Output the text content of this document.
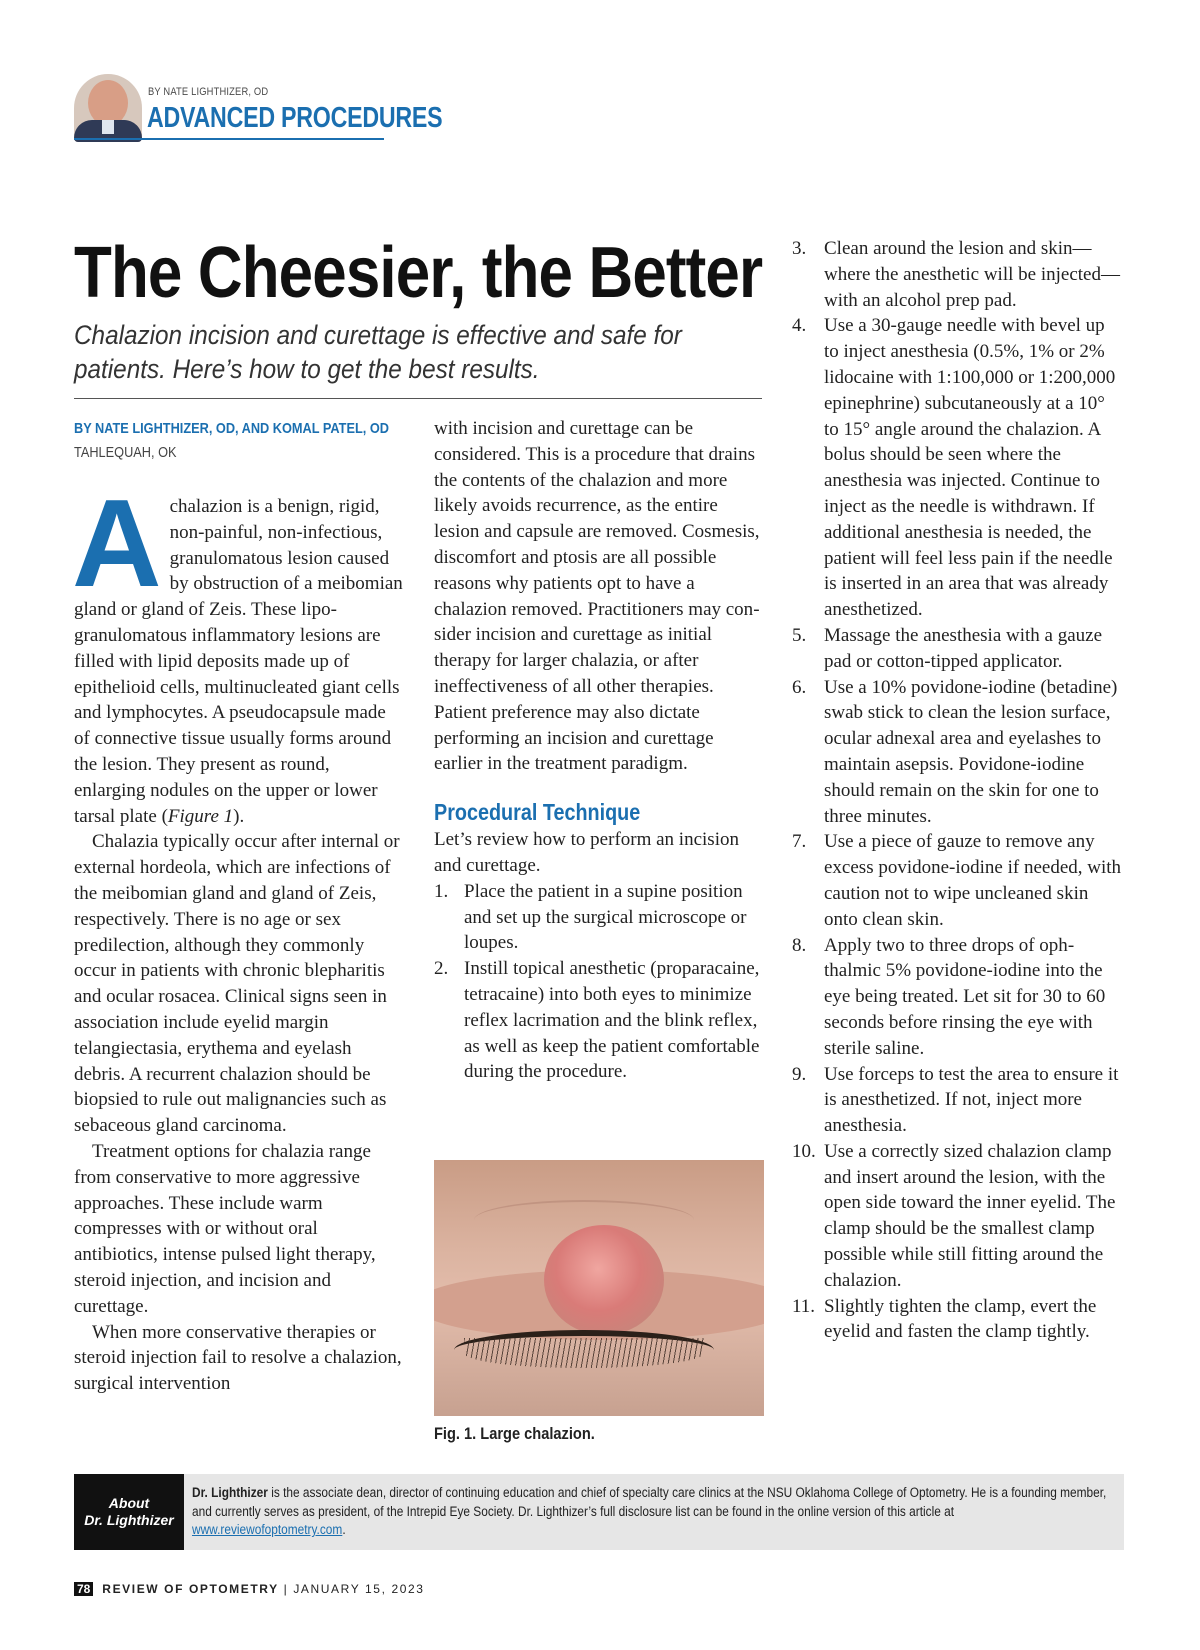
BY NATE LIGHTHIZER, OD
ADVANCED PROCEDURES
The Cheesier, the Better
Chalazion incision and curettage is effective and safe for patients. Here’s how to get the best results.
BY NATE LIGHTHIZER, OD, AND KOMAL PATEL, OD
TAHLEQUAH, OK

Achalazion is a benign, rigid, non-painful, non-infectious, granulomatous lesion caused by obstruction of a meibomian gland or gland of Zeis. These lipogranulomatous inflammatory lesions are filled with lipid deposits made up of epithelioid cells, multinucleated giant cells and lymphocytes. A pseudocapsule made of connective tissue usually forms around the lesion. They present as round, enlarging nodules on the upper or lower tarsal plate (Figure 1).

Chalazia typically occur after internal or external hordeola, which are infections of the meibomian gland and gland of Zeis, respectively. There is no age or sex predilection, although they commonly occur in patients with chronic blepharitis and ocular rosacea. Clinical signs seen in association include eyelid margin telangiectasia, erythema and eyelash debris. A recurrent chalazion should be biopsied to rule out malignancies such as sebaceous gland carcinoma.

Treatment options for chalazia range from conservative to more aggressive approaches. These include warm compresses with or without oral antibiotics, intense pulsed light therapy, steroid injection, and incision and curettage.

When more conservative therapies or steroid injection fail to resolve a chalazion, surgical intervention

with incision and curettage can be considered. This is a procedure that drains the contents of the chalazion and more likely avoids recurrence, as the entire lesion and capsule are removed. Cosmesis, discomfort and ptosis are all possible reasons why patients opt to have a chalazion removed. Practitioners may consider incision and curettage as initial therapy for larger chalazia, or after ineffectiveness of all other therapies. Patient preference may also dictate performing an incision and curettage earlier in the treatment paradigm.

Procedural Technique

Let’s review how to perform an incision and curettage.

1. Place the patient in a supine position and set up the surgical microscope or loupes.
2. Instill topical anesthetic (proparacaine, tetracaine) into both eyes to minimize reflex lacrimation and the blink reflex, as well as keep the patient comfortable during the procedure.
Fig. 1. Large chalazion.
3. Clean around the lesion and skin—where the anesthetic will be injected—with an alcohol prep pad.
4. Use a 30-gauge needle with bevel up to inject anesthesia (0.5%, 1% or 2% lidocaine with 1:100,000 or 1:200,000 epinephrine) subcutaneously at a 10° to 15° angle around the chalazion. A bolus should be seen where the anesthesia was injected. Continue to inject as the needle is withdrawn. If additional anesthesia is needed, the patient will feel less pain if the needle is inserted in an area that was already anesthetized.
5. Massage the anesthesia with a gauze pad or cotton-tipped applicator.
6. Use a 10% povidone-iodine (betadine) swab stick to clean the lesion surface, ocular adnexal area and eyelashes to maintain asepsis. Povidone-iodine should remain on the skin for one to three minutes.
7. Use a piece of gauze to remove any excess povidone-iodine if needed, with caution not to wipe uncleaned skin onto clean skin.
8. Apply two to three drops of ophthalmic 5% povidone-iodine into the eye being treated. Let sit for 30 to 60 seconds before rinsing the eye with sterile saline.
9. Use forceps to test the area to ensure it is anesthetized. If not, inject more anesthesia.
10. Use a correctly sized chalazion clamp and insert around the lesion, with the open side toward the inner eyelid. The clamp should be the smallest clamp possible while still fitting around the chalazion.
11. Slightly tighten the clamp, evert the eyelid and fasten the clamp tightly.
About
Dr. Lighthizer
Dr. Lighthizer is the associate dean, director of continuing education and chief of specialty care clinics at the NSU Oklahoma College of Optometry. He is a founding member, and currently serves as president, of the Intrepid Eye Society. Dr. Lighthizer’s full disclosure list can be found in the online version of this article at www.reviewofoptometry.com.
78 REVIEW OF OPTOMETRY | JANUARY 15, 2023
